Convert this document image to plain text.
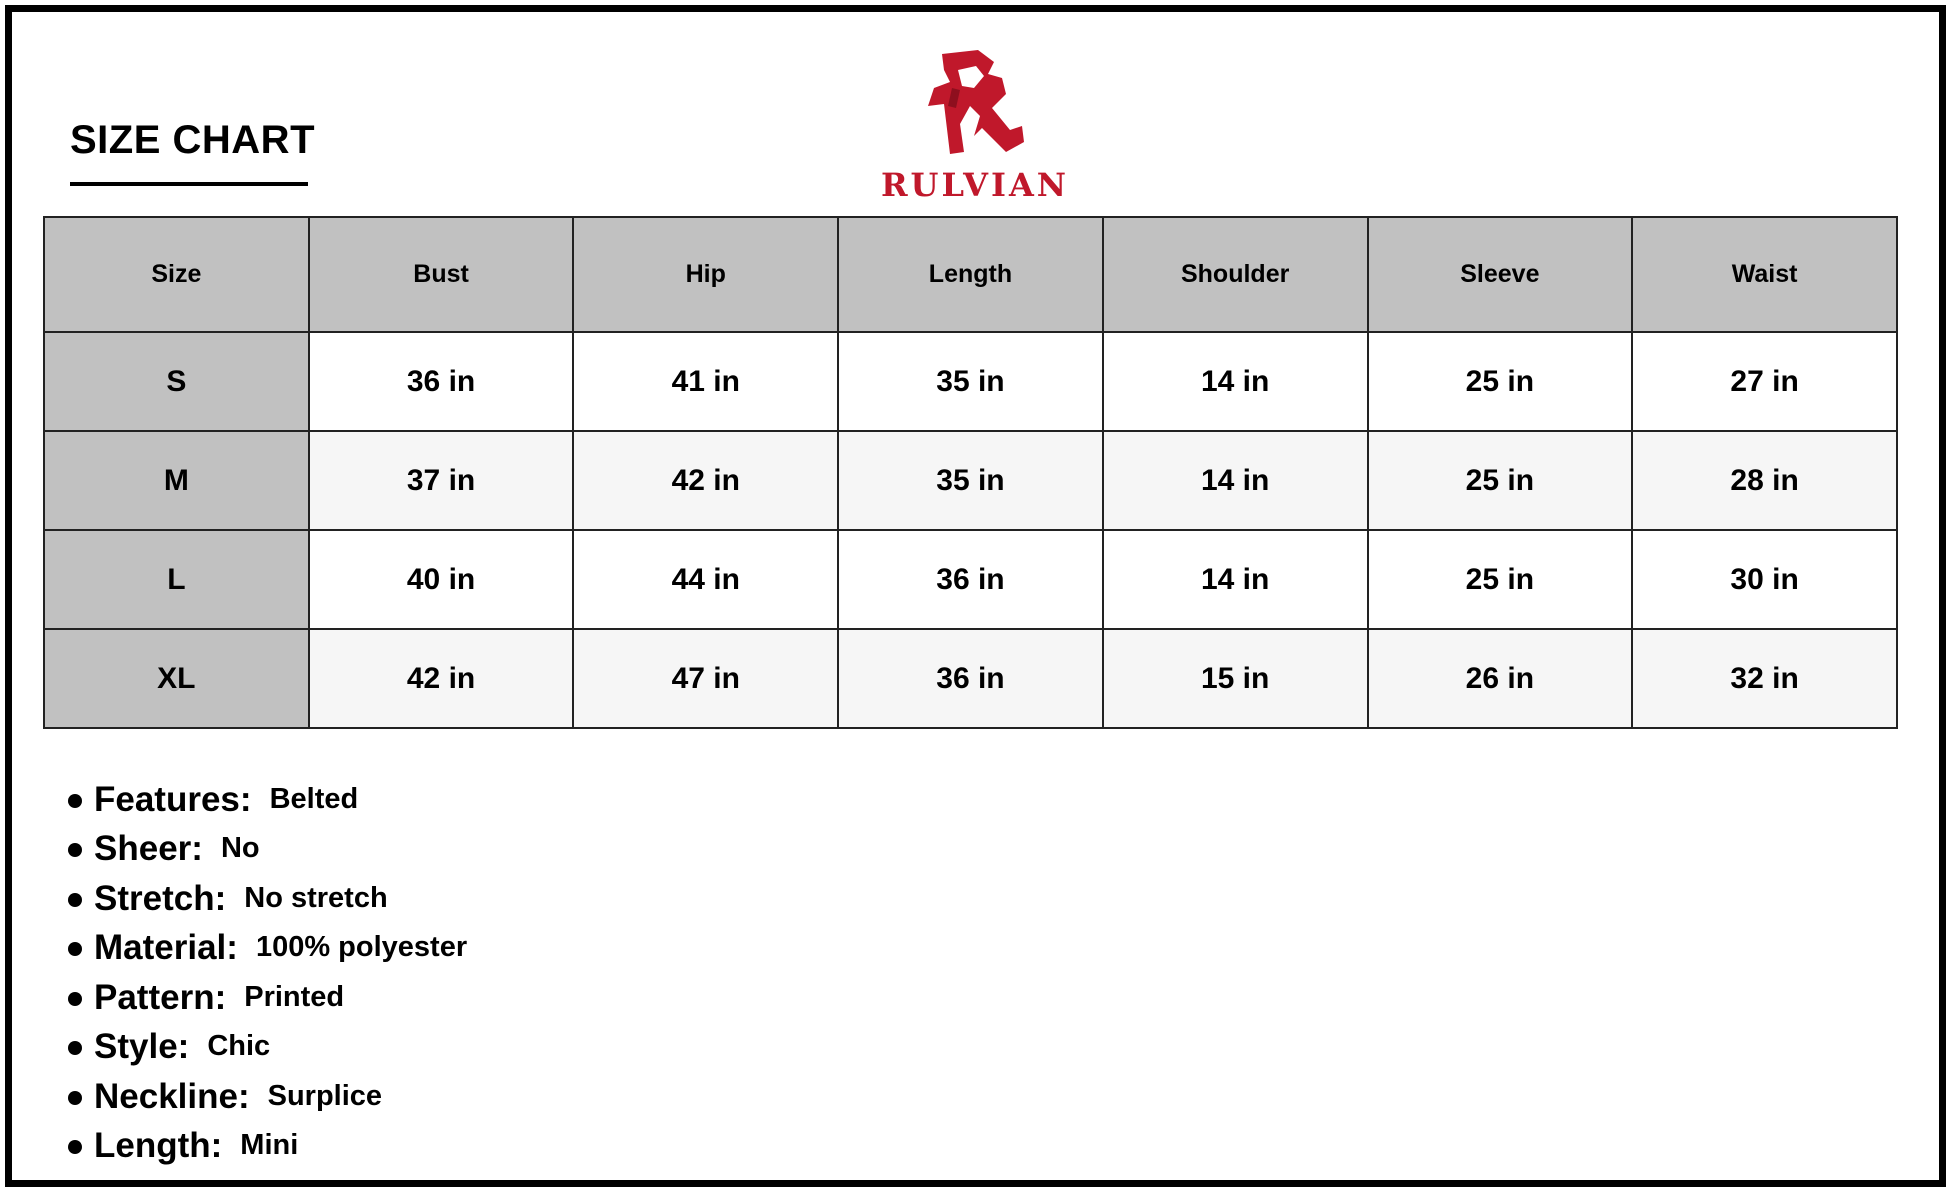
SIZE CHART
RULVIAN
Size	Bust	Hip	Length	Shoulder	Sleeve	Waist
S	36 in	41 in	35 in	14 in	25 in	27 in
M	37 in	42 in	35 in	14 in	25 in	28 in
L	40 in	44 in	36 in	14 in	25 in	30 in
XL	42 in	47 in	36 in	15 in	26 in	32 in
Features: Belted
Sheer: No
Stretch: No stretch
Material: 100% polyester
Pattern: Printed
Style: Chic
Neckline: Surplice
Length: Mini
